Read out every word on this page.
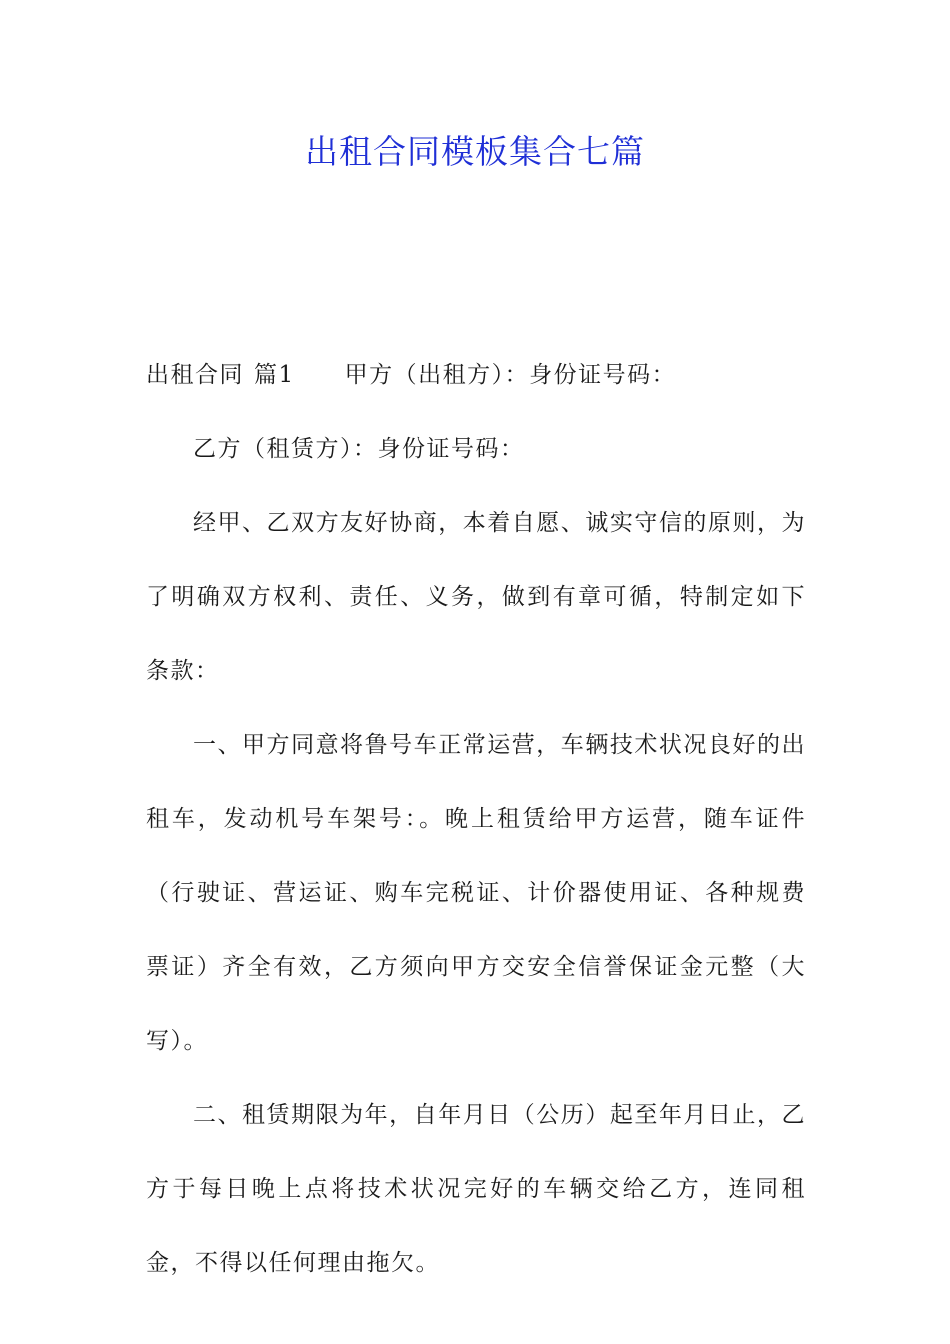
出租合同模板集合七篇

出租合同 篇1 甲方（出租方）：身份证号码：

乙方（租赁方）：身份证号码：

经甲、乙双方友好协商，本着自愿、诚实守信的原则，为了明确双方权利、责任、义务，做到有章可循，特制定如下条款：

一、甲方同意将鲁号车正常运营，车辆技术状况良好的出租车，发动机号车架号：。晚上租赁给甲方运营，随车证件（行驶证、营运证、购车完税证、计价器使用证、各种规费票证）齐全有效，乙方须向甲方交安全信誉保证金元整（大写）。

二、租赁期限为年，自年月日（公历）起至年月日止，乙方于每日晚上点将技术状况完好的车辆交给乙方，连同租金，不得以任何理由拖欠。
